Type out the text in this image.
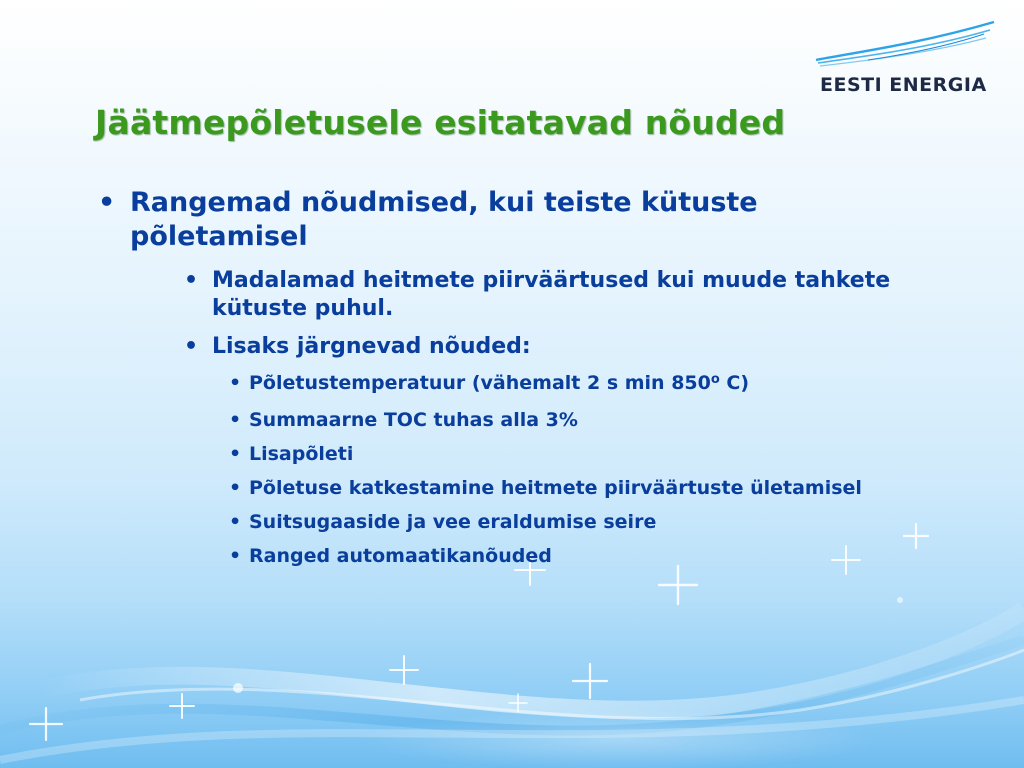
EESTI ENERGIA
Jäätmepõletusele esitatavad nõuded
• Rangemad nõudmised, kui teiste kütuste põletamisel
• Madalamad heitmete piirväärtused kui muude tahkete kütuste puhul.
• Lisaks järgnevad nõuded:
• Põletustemperatuur (vähemalt 2 s min 850$^o$ C)
• Summaarne TOC tuhas alla 3%
• Lisapõleti
• Põletuse katkestamine heitmete piirväärtuste ületamisel
• Suitsugaaside ja vee eraldumise seire
• Ranged automaatikanõuded
